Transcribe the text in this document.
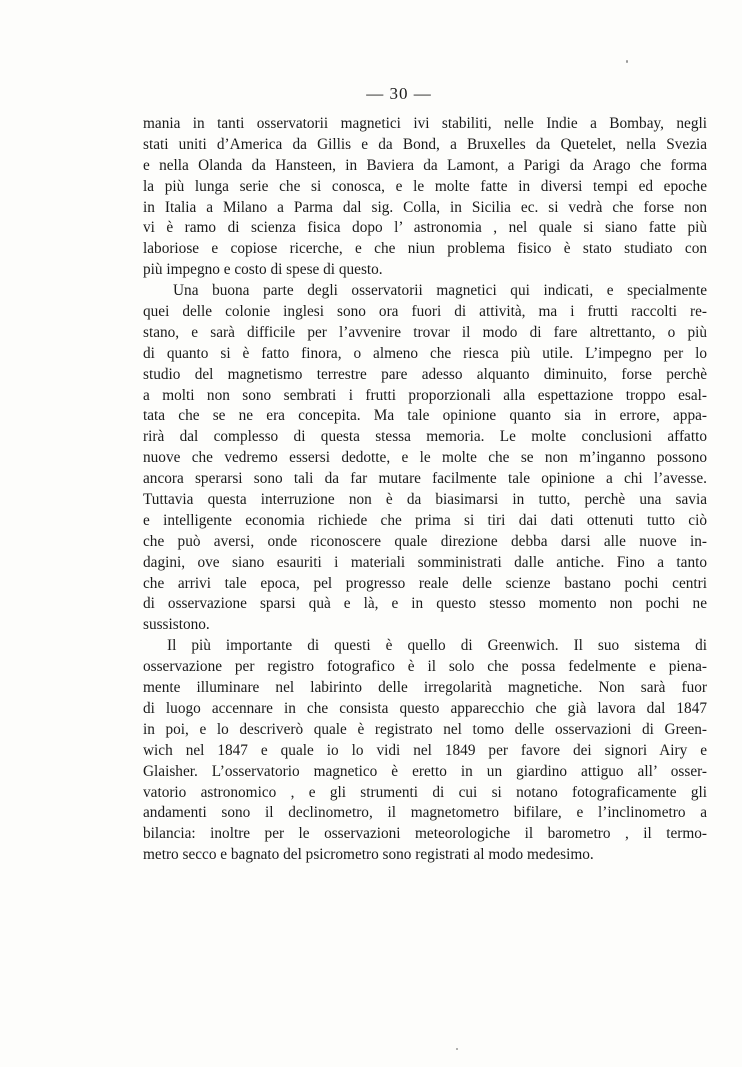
— 30 —
mania in tanti osservatorii magnetici ivi stabiliti, nelle Indie a Bombay, negli
stati uniti d’America da Gillis e da Bond, a Bruxelles da Quetelet, nella Svezia
e nella Olanda da Hansteen, in Baviera da Lamont, a Parigi da Arago che forma
la più lunga serie che si conosca, e le molte fatte in diversi tempi ed epoche
in Italia a Milano a Parma dal sig. Colla, in Sicilia ec. si vedrà che forse non
vi è ramo di scienza fisica dopo l’ astronomia , nel quale si siano fatte più
laboriose e copiose ricerche, e che niun problema fisico è stato studiato con
più impegno e costo di spese di questo.
Una buona parte degli osservatorii magnetici qui indicati, e specialmente
quei delle colonie inglesi sono ora fuori di attività, ma i frutti raccolti re-
stano, e sarà difficile per l’avvenire trovar il modo di fare altrettanto, o più
di quanto si è fatto finora, o almeno che riesca più utile. L’impegno per lo
studio del magnetismo terrestre pare adesso alquanto diminuito, forse perchè
a molti non sono sembrati i frutti proporzionali alla espettazione troppo esal-
tata che se ne era concepita. Ma tale opinione quanto sia in errore, appa-
rirà dal complesso di questa stessa memoria. Le molte conclusioni affatto
nuove che vedremo essersi dedotte, e le molte che se non m’inganno possono
ancora sperarsi sono tali da far mutare facilmente tale opinione a chi l’avesse.
Tuttavia questa interruzione non è da biasimarsi in tutto, perchè una savia
e intelligente economia richiede che prima si tiri dai dati ottenuti tutto ciò
che può aversi, onde riconoscere quale direzione debba darsi alle nuove in-
dagini, ove siano esauriti i materiali somministrati dalle antiche. Fino a tanto
che arrivi tale epoca, pel progresso reale delle scienze bastano pochi centri
di osservazione sparsi quà e là, e in questo stesso momento non pochi ne
sussistono.
Il più importante di questi è quello di Greenwich. Il suo sistema di
osservazione per registro fotografico è il solo che possa fedelmente e piena-
mente illuminare nel labirinto delle irregolarità magnetiche. Non sarà fuor
di luogo accennare in che consista questo apparecchio che già lavora dal 1847
in poi, e lo descriverò quale è registrato nel tomo delle osservazioni di Green-
wich nel 1847 e quale io lo vidi nel 1849 per favore dei signori Airy e
Glaisher. L’osservatorio magnetico è eretto in un giardino attiguo all’ osser-
vatorio astronomico , e gli strumenti di cui si notano fotograficamente gli
andamenti sono il declinometro, il magnetometro bifilare, e l’inclinometro a
bilancia: inoltre per le osservazioni meteorologiche il barometro , il termo-
metro secco e bagnato del psicrometro sono registrati al modo medesimo.
